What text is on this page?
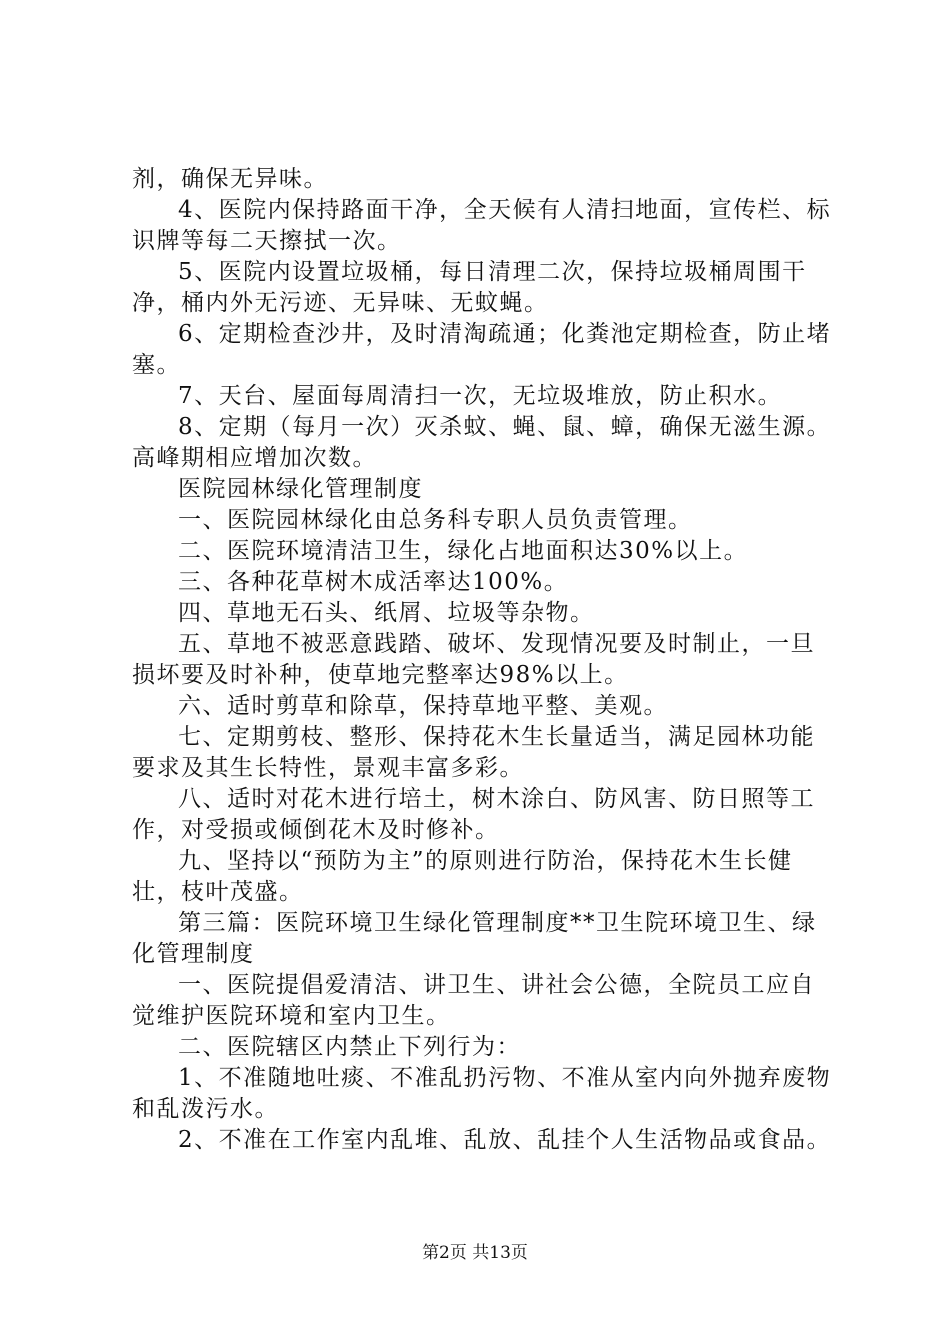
剂，确保无异味。

4、医院内保持路面干净，全天候有人清扫地面，宣传栏、标识牌等每二天擦拭一次。

5、医院内设置垃圾桶，每日清理二次，保持垃圾桶周围干净，桶内外无污迹、无异味、无蚊蝇。

6、定期检查沙井，及时清淘疏通；化粪池定期检查，防止堵塞。

7、天台、屋面每周清扫一次，无垃圾堆放，防止积水。

8、定期（每月一次）灭杀蚊、蝇、鼠、蟑，确保无滋生源。高峰期相应增加次数。

医院园林绿化管理制度

一、医院园林绿化由总务科专职人员负责管理。

二、医院环境清洁卫生，绿化占地面积达30%以上。

三、各种花草树木成活率达100%。

四、草地无石头、纸屑、垃圾等杂物。

五、草地不被恶意践踏、破坏、发现情况要及时制止，一旦损坏要及时补种，使草地完整率达98%以上。

六、适时剪草和除草，保持草地平整、美观。

七、定期剪枝、整形、保持花木生长量适当，满足园林功能要求及其生长特性，景观丰富多彩。

八、适时对花木进行培土，树木涂白、防风害、防日照等工作，对受损或倾倒花木及时修补。

九、坚持以“预防为主”的原则进行防治，保持花木生长健壮，枝叶茂盛。

第三篇：医院环境卫生绿化管理制度**卫生院环境卫生、绿化管理制度

一、医院提倡爱清洁、讲卫生、讲社会公德，全院员工应自觉维护医院环境和室内卫生。

二、医院辖区内禁止下列行为：

1、不准随地吐痰、不准乱扔污物、不准从室内向外抛弃废物和乱泼污水。

2、不准在工作室内乱堆、乱放、乱挂个人生活物品或食品。

第2页 共13页
